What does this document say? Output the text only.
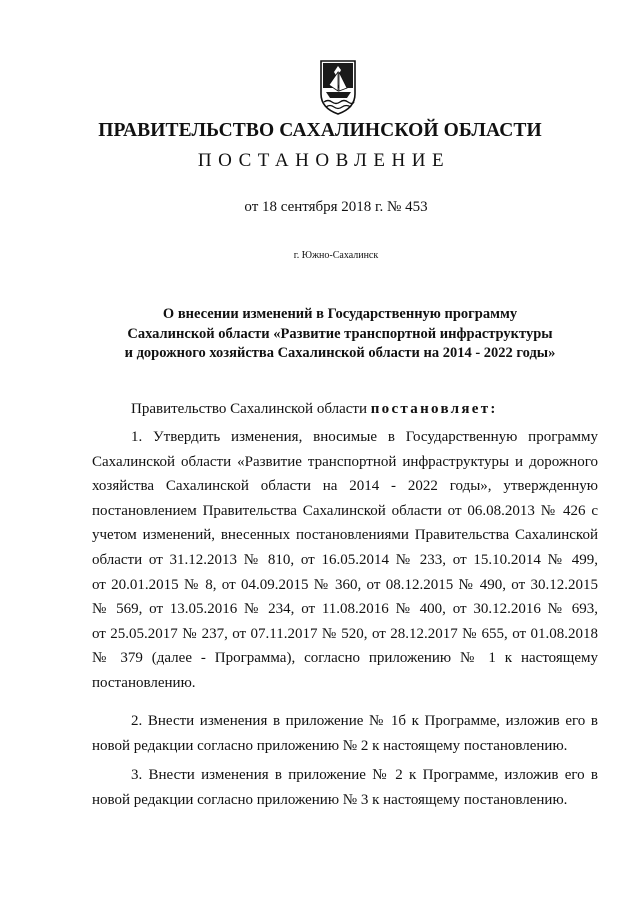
ПРАВИТЕЛЬСТВО САХАЛИНСКОЙ ОБЛАСТИ
ПОСТАНОВЛЕНИЕ
от 18 сентября 2018 г. № 453
г. Южно-Сахалинск
О внесении изменений в Государственную программу
Сахалинской области «Развитие транспортной инфраструктуры
и дорожного хозяйства Сахалинской области на 2014 - 2022 годы»
Правительство Сахалинской области постановляет:
1. Утвердить изменения, вносимые в Государственную программу
Сахалинской области «Развитие транспортной инфраструктуры и дорожного
хозяйства Сахалинской области на 2014 - 2022 годы», утвержденную
постановлением Правительства Сахалинской области от 06.08.2013 № 426 с
учетом изменений, внесенных постановлениями Правительства Сахалинской
области от 31.12.2013 № 810, от 16.05.2014 № 233, от 15.10.2014 № 499,
от 20.01.2015 № 8, от 04.09.2015 № 360, от 08.12.2015 № 490, от 30.12.2015
№ 569, от 13.05.2016 № 234, от 11.08.2016 № 400, от 30.12.2016 № 693,
от 25.05.2017 № 237, от 07.11.2017 № 520, от 28.12.2017 № 655, от 01.08.2018
№ 379 (далее - Программа), согласно приложению № 1 к настоящему
постановлению.
2. Внести изменения в приложение № 1б к Программе, изложив его в
новой редакции согласно приложению № 2 к настоящему постановлению.
3. Внести изменения в приложение № 2 к Программе, изложив его в
новой редакции согласно приложению № 3 к настоящему постановлению.
